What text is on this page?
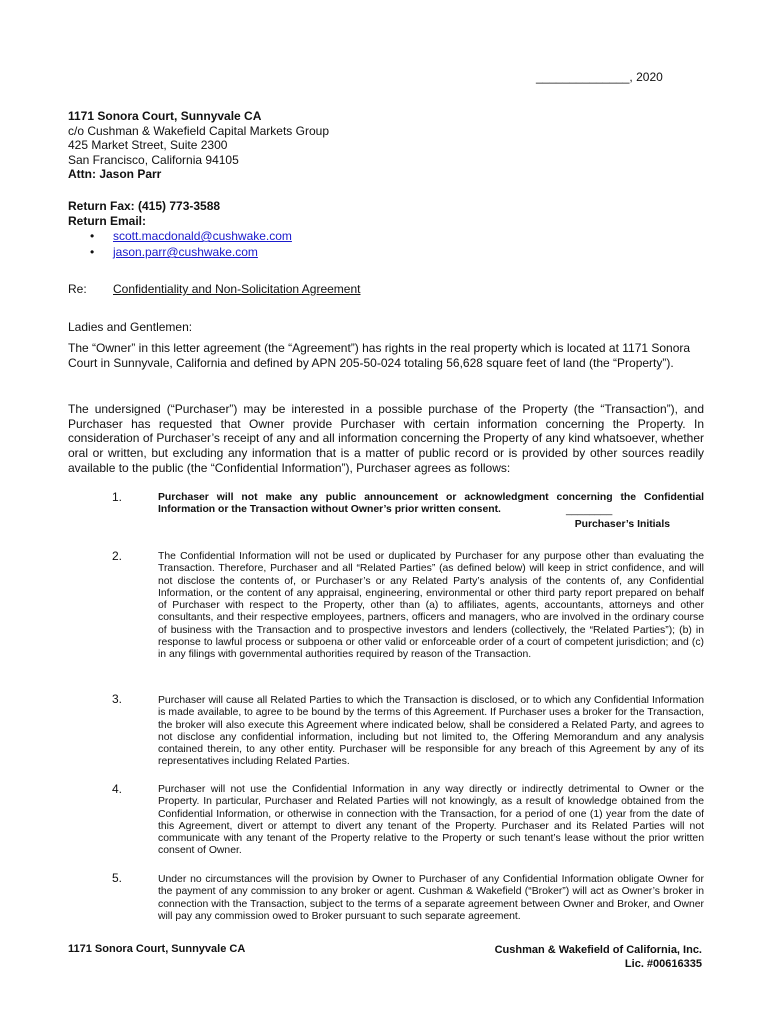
______________, 2020
1171 Sonora Court, Sunnyvale CA
c/o Cushman & Wakefield Capital Markets Group
425 Market Street, Suite 2300
San Francisco, California 94105
Attn: Jason Parr
Return Fax: (415) 773-3588
Return Email:
• scott.macdonald@cushwake.com
• jason.parr@cushwake.com
Re: Confidentiality and Non-Solicitation Agreement
Ladies and Gentlemen:

The “Owner” in this letter agreement (the “Agreement”) has rights in the real property which is located at 1171 Sonora Court in Sunnyvale, California and defined by APN 205-50-024 totaling 56,628 square feet of land (the “Property”).

The undersigned (“Purchaser”) may be interested in a possible purchase of the Property (the “Transaction”), and Purchaser has requested that Owner provide Purchaser with certain information concerning the Property. In consideration of Purchaser’s receipt of any and all information concerning the Property of any kind whatsoever, whether oral or written, but excluding any information that is a matter of public record or is provided by other sources readily available to the public (the “Confidential Information”), Purchaser agrees as follows:

1.	Purchaser will not make any public announcement or acknowledgment concerning the Confidential Information or the Transaction without Owner’s prior written consent.	________
Purchaser’s Initials
2.	The Confidential Information will not be used or duplicated by Purchaser for any purpose other than evaluating the Transaction. Therefore, Purchaser and all “Related Parties” (as defined below) will keep in strict confidence, and will not disclose the contents of, or Purchaser’s or any Related Party’s analysis of the contents of, any Confidential Information, or the content of any appraisal, engineering, environmental or other third party report prepared on behalf of Purchaser with respect to the Property, other than (a) to affiliates, agents, accountants, attorneys and other consultants, and their respective employees, partners, officers and managers, who are involved in the ordinary course of business with the Transaction and to prospective investors and lenders (collectively, the “Related Parties”); (b) in response to lawful process or subpoena or other valid or enforceable order of a court of competent jurisdiction; and (c) in any filings with governmental authorities required by reason of the Transaction.

3.	Purchaser will cause all Related Parties to which the Transaction is disclosed, or to which any Confidential Information is made available, to agree to be bound by the terms of this Agreement. If Purchaser uses a broker for the Transaction, the broker will also execute this Agreement where indicated below, shall be considered a Related Party, and agrees to not disclose any confidential information, including but not limited to, the Offering Memorandum and any analysis contained therein, to any other entity. Purchaser will be responsible for any breach of this Agreement by any of its representatives including Related Parties.

4.	Purchaser will not use the Confidential Information in any way directly or indirectly detrimental to Owner or the Property. In particular, Purchaser and Related Parties will not knowingly, as a result of knowledge obtained from the Confidential Information, or otherwise in connection with the Transaction, for a period of one (1) year from the date of this Agreement, divert or attempt to divert any tenant of the Property. Purchaser and its Related Parties will not communicate with any tenant of the Property relative to the Property or such tenant’s lease without the prior written consent of Owner.

5.	Under no circumstances will the provision by Owner to Purchaser of any Confidential Information obligate Owner for the payment of any commission to any broker or agent. Cushman & Wakefield (“Broker”) will act as Owner’s broker in connection with the Transaction, subject to the terms of a separate agreement between Owner and Broker, and Owner will pay any commission owed to Broker pursuant to such separate agreement.

1171 Sonora Court, Sunnyvale CA	Cushman & Wakefield of California, Inc.
Lic. #00616335
